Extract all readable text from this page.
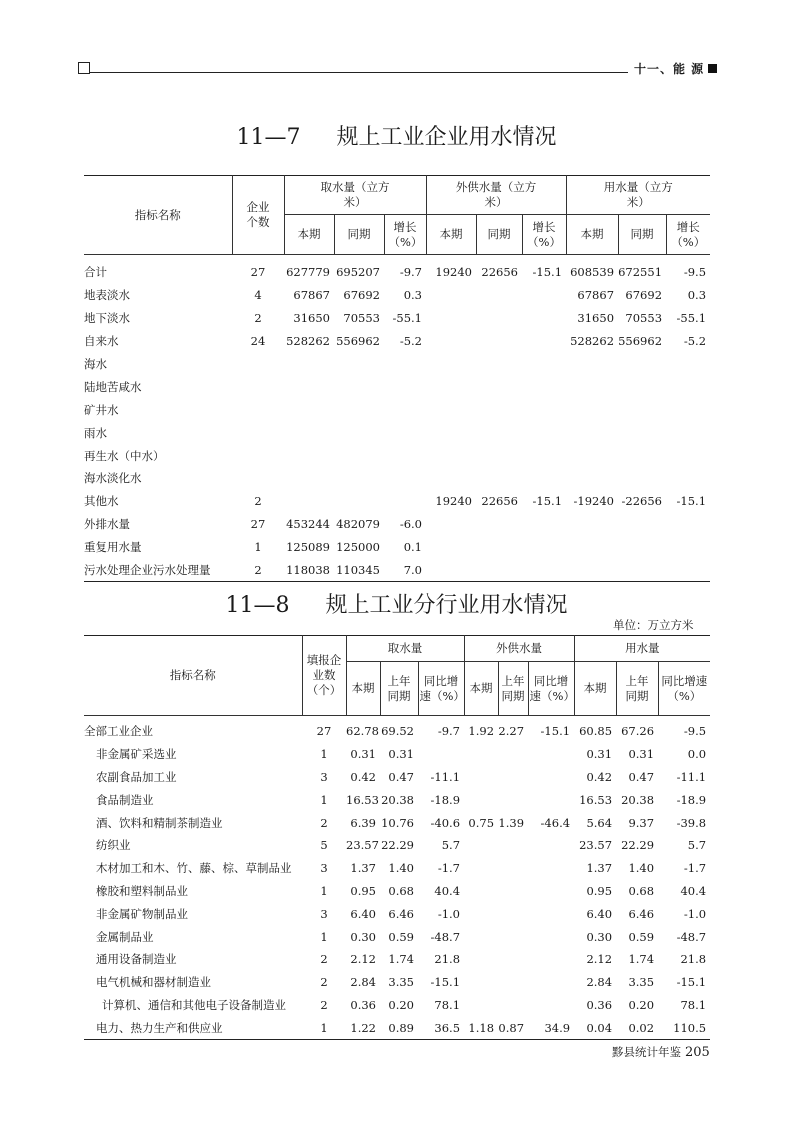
十一、能 源
11—7 规上工业企业用水情况
指标名称	企业个数	取水量（立方米）			外供水量（立方米）			用水量（立方米）		
		本期	同期	增长（%）	本期	同期	增长（%）	本期	同期	增长（%）
合计	27	627779	695207	-9.7	19240	22656	-15.1	608539	672551	-9.5
地表淡水	4	67867	67692	0.3				67867	67692	0.3
地下淡水	2	31650	70553	-55.1				31650	70553	-55.1
自来水	24	528262	556962	-5.2				528262	556962	-5.2
海水										
陆地苦咸水										
矿井水										
雨水										
再生水（中水）										
海水淡化水										
其他水	2				19240	22656	-15.1	-19240	-22656	-15.1
外排水量	27	453244	482079	-6.0						
重复用水量	1	125089	125000	0.1						
污水处理企业污水处理量	2	118038	110345	7.0						
11—8 规上工业分行业用水情况
单位：万立方米
指标名称	填报企业数（个）	取水量			外供水量			用水量		
		本期	上年同期	同比增速（%）	本期	上年同期	同比增速（%）	本期	上年同期	同比增速（%）
全部工业企业	27	62.78	69.52	-9.7	1.92	2.27	-15.1	60.85	67.26	-9.5
非金属矿采选业	1	0.31	0.31					0.31	0.31	0.0
农副食品加工业	3	0.42	0.47	-11.1				0.42	0.47	-11.1
食品制造业	1	16.53	20.38	-18.9				16.53	20.38	-18.9
酒、饮料和精制茶制造业	2	6.39	10.76	-40.6	0.75	1.39	-46.4	5.64	9.37	-39.8
纺织业	5	23.57	22.29	5.7				23.57	22.29	5.7
木材加工和木、竹、藤、棕、草制品业	3	1.37	1.40	-1.7				1.37	1.40	-1.7
橡胶和塑料制品业	1	0.95	0.68	40.4				0.95	0.68	40.4
非金属矿物制品业	3	6.40	6.46	-1.0				6.40	6.46	-1.0
金属制品业	1	0.30	0.59	-48.7				0.30	0.59	-48.7
通用设备制造业	2	2.12	1.74	21.8				2.12	1.74	21.8
电气机械和器材制造业	2	2.84	3.35	-15.1				2.84	3.35	-15.1
计算机、通信和其他电子设备制造业	2	0.36	0.20	78.1				0.36	0.20	78.1
电力、热力生产和供应业	1	1.22	0.89	36.5	1.18	0.87	34.9	0.04	0.02	110.5
黟县统计年鉴 205
